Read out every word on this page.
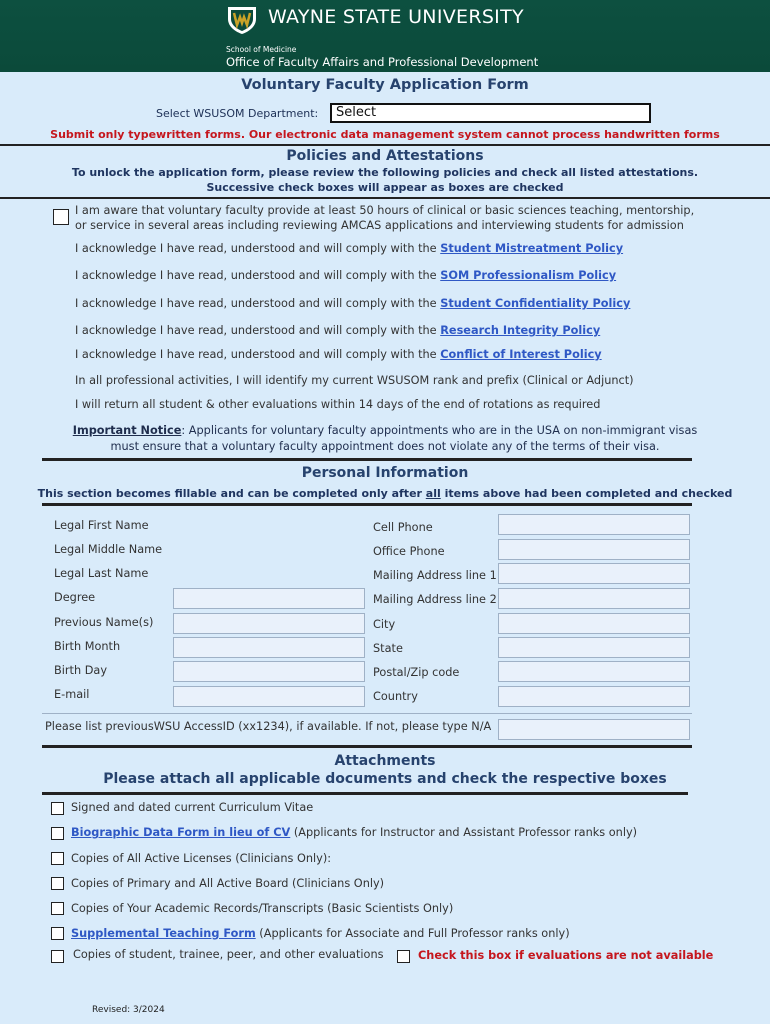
WAYNE STATE UNIVERSITY
School of Medicine
Office of Faculty Affairs and Professional Development
Voluntary Faculty Application Form
Select WSUSOM Department:	Select
Submit only typewritten forms. Our electronic data management system cannot process handwritten forms
Policies and Attestations
To unlock the application form, please review the following policies and check all listed attestations.
Successive check boxes will appear as boxes are checked
I am aware that voluntary faculty provide at least 50 hours of clinical or basic sciences teaching, mentorship,
or service in several areas including reviewing AMCAS applications and interviewing students for admission
I acknowledge I have read, understood and will comply with the Student Mistreatment Policy
I acknowledge I have read, understood and will comply with the SOM Professionalism Policy
I acknowledge I have read, understood and will comply with the Student Confidentiality Policy
I acknowledge I have read, understood and will comply with the Research Integrity Policy
I acknowledge I have read, understood and will comply with the Conflict of Interest Policy
In all professional activities, I will identify my current WSUSOM rank and prefix (Clinical or Adjunct)
I will return all student & other evaluations within 14 days of the end of rotations as required
Important Notice: Applicants for voluntary faculty appointments who are in the USA on non-immigrant visas
must ensure that a voluntary faculty appointment does not violate any of the terms of their visa.
Personal Information
This section becomes fillable and can be completed only after all items above had been completed and checked
Legal First Name
Legal Middle Name
Legal Last Name
Degree
Previous Name(s)
Birth Month
Birth Day
E-mail
Cell Phone
Office Phone
Mailing Address line 1
Mailing Address line 2
City
State
Postal/Zip code
Country
Please list previousWSU AccessID (xx1234), if available. If not, please type N/A
Attachments
Please attach all applicable documents and check the respective boxes
Signed and dated current Curriculum Vitae
Biographic Data Form in lieu of CV (Applicants for Instructor and Assistant Professor ranks only)
Copies of All Active Licenses (Clinicians Only):
Copies of Primary and All Active Board (Clinicians Only)
Copies of Your Academic Records/Transcripts (Basic Scientists Only)
Supplemental Teaching Form (Applicants for Associate and Full Professor ranks only)
Copies of student, trainee, peer, and other evaluations	Check this box if evaluations are not available
Revised: 3/2024
